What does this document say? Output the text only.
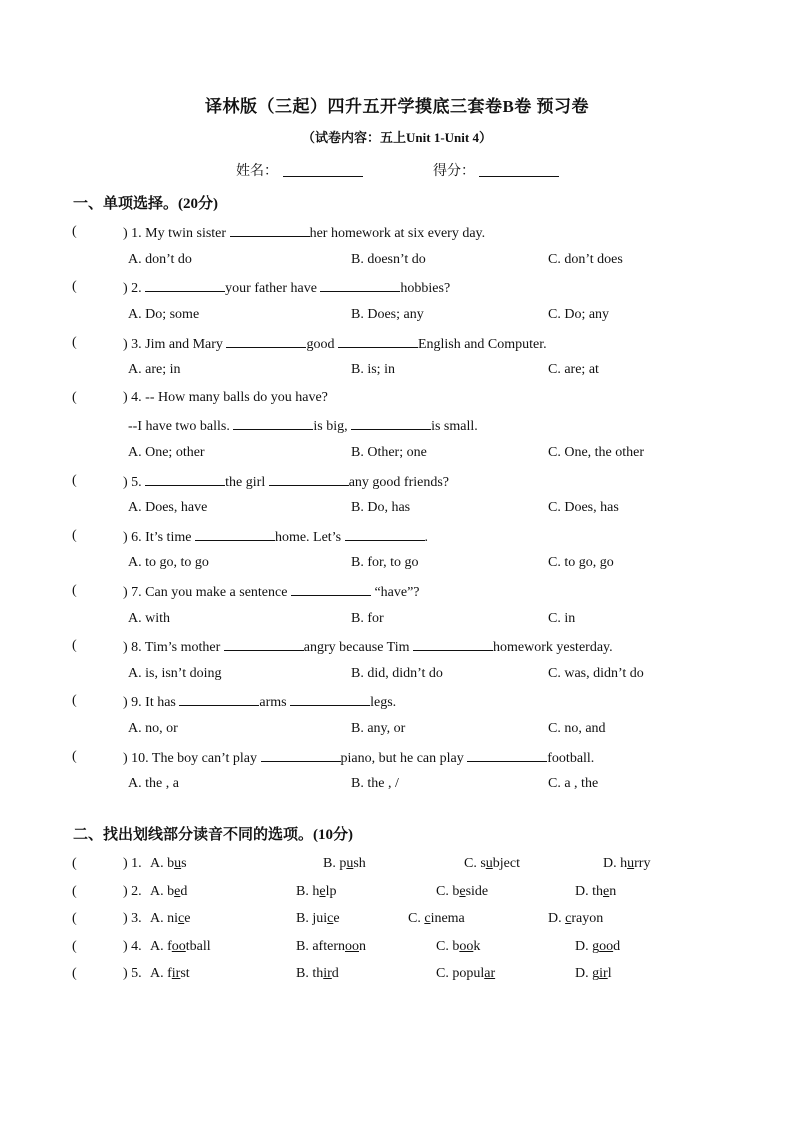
译林版（三起）四升五开学摸底三套卷B卷 预习卷
（试卷内容：五上Unit 1-Unit 4）
姓名：	得分：
一、单项选择。(20分)
(	) 1. My twin sister	her homework at six every day.
A. don’t do	B. doesn’t do	C. don’t does
(	) 2.	your father have	hobbies?
A. Do; some	B. Does; any	C. Do; any
(	) 3. Jim and Mary	good	English and Computer.
A. are; in	B. is; in	C. are; at
(	) 4. -- How many balls do you have?
--I have two balls.	is big,	is small.
A. One; other	B. Other; one	C. One, the other
(	) 5.	the girl	any good friends?
A. Does, have	B. Do, has	C. Does, has
(	) 6. It’s time	home. Let’s	.
A. to go, to go	B. for, to go	C. to go, go
(	) 7. Can you make a sentence	“have”?
A. with	B. for	C. in
(	) 8. Tim’s mother	angry because Tim	homework yesterday.
A. is, isn’t doing	B. did, didn’t do	C. was, didn’t do
(	) 9. It has	arms	legs.
A. no, or	B. any, or	C. no, and
(	) 10. The boy can’t play	piano, but he can play	football.
A. the , a	B. the , /	C. a , the
二、找出划线部分读音不同的选项。(10分)
(	) 1. A. bus	B. push	C. subject	D. hurry
(	) 2. A. bed	B. help	C. beside	D. then
(	) 3. A. nice	B. juice	C. cinema	D. crayon
(	) 4. A. football	B. afternoon	C. book	D. good
(	) 5. A. first	B. third	C. popular	D. girl
